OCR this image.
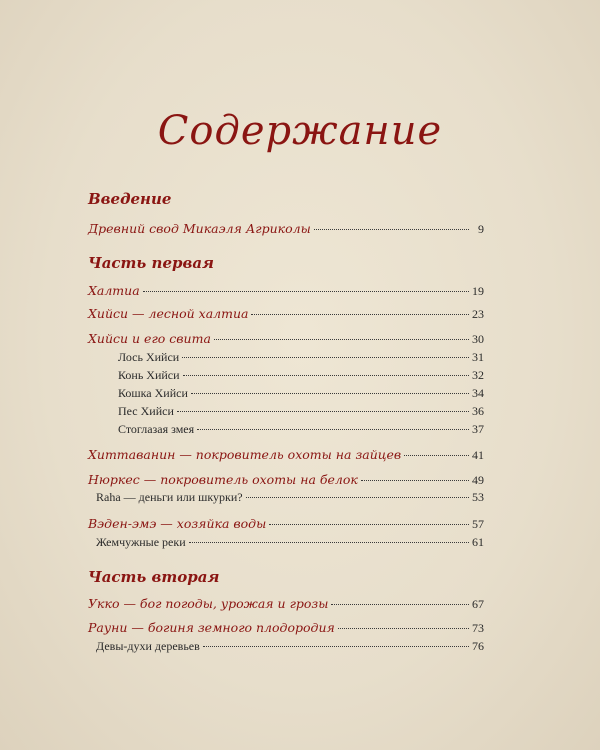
Содержание
Введение
Древний свод Микаэля Агриколы	9
Часть первая
Халтиа	19
Хийси — лесной халтиа	23
Хийси и его свита	30
Лось Хийси	31
Конь Хийси	32
Кошка Хийси	34
Пес Хийси	36
Стоглазая змея	37
Хиттаванин — покровитель охоты на зайцев	41
Нюркес — покровитель охоты на белок	49
Raha — деньги или шкурки?	53
Вэден-эмэ — хозяйка воды	57
Жемчужные реки	61
Часть вторая
Укко — бог погоды, урожая и грозы	67
Рауни — богиня земного плодородия	73
Девы-духи деревьев	76
